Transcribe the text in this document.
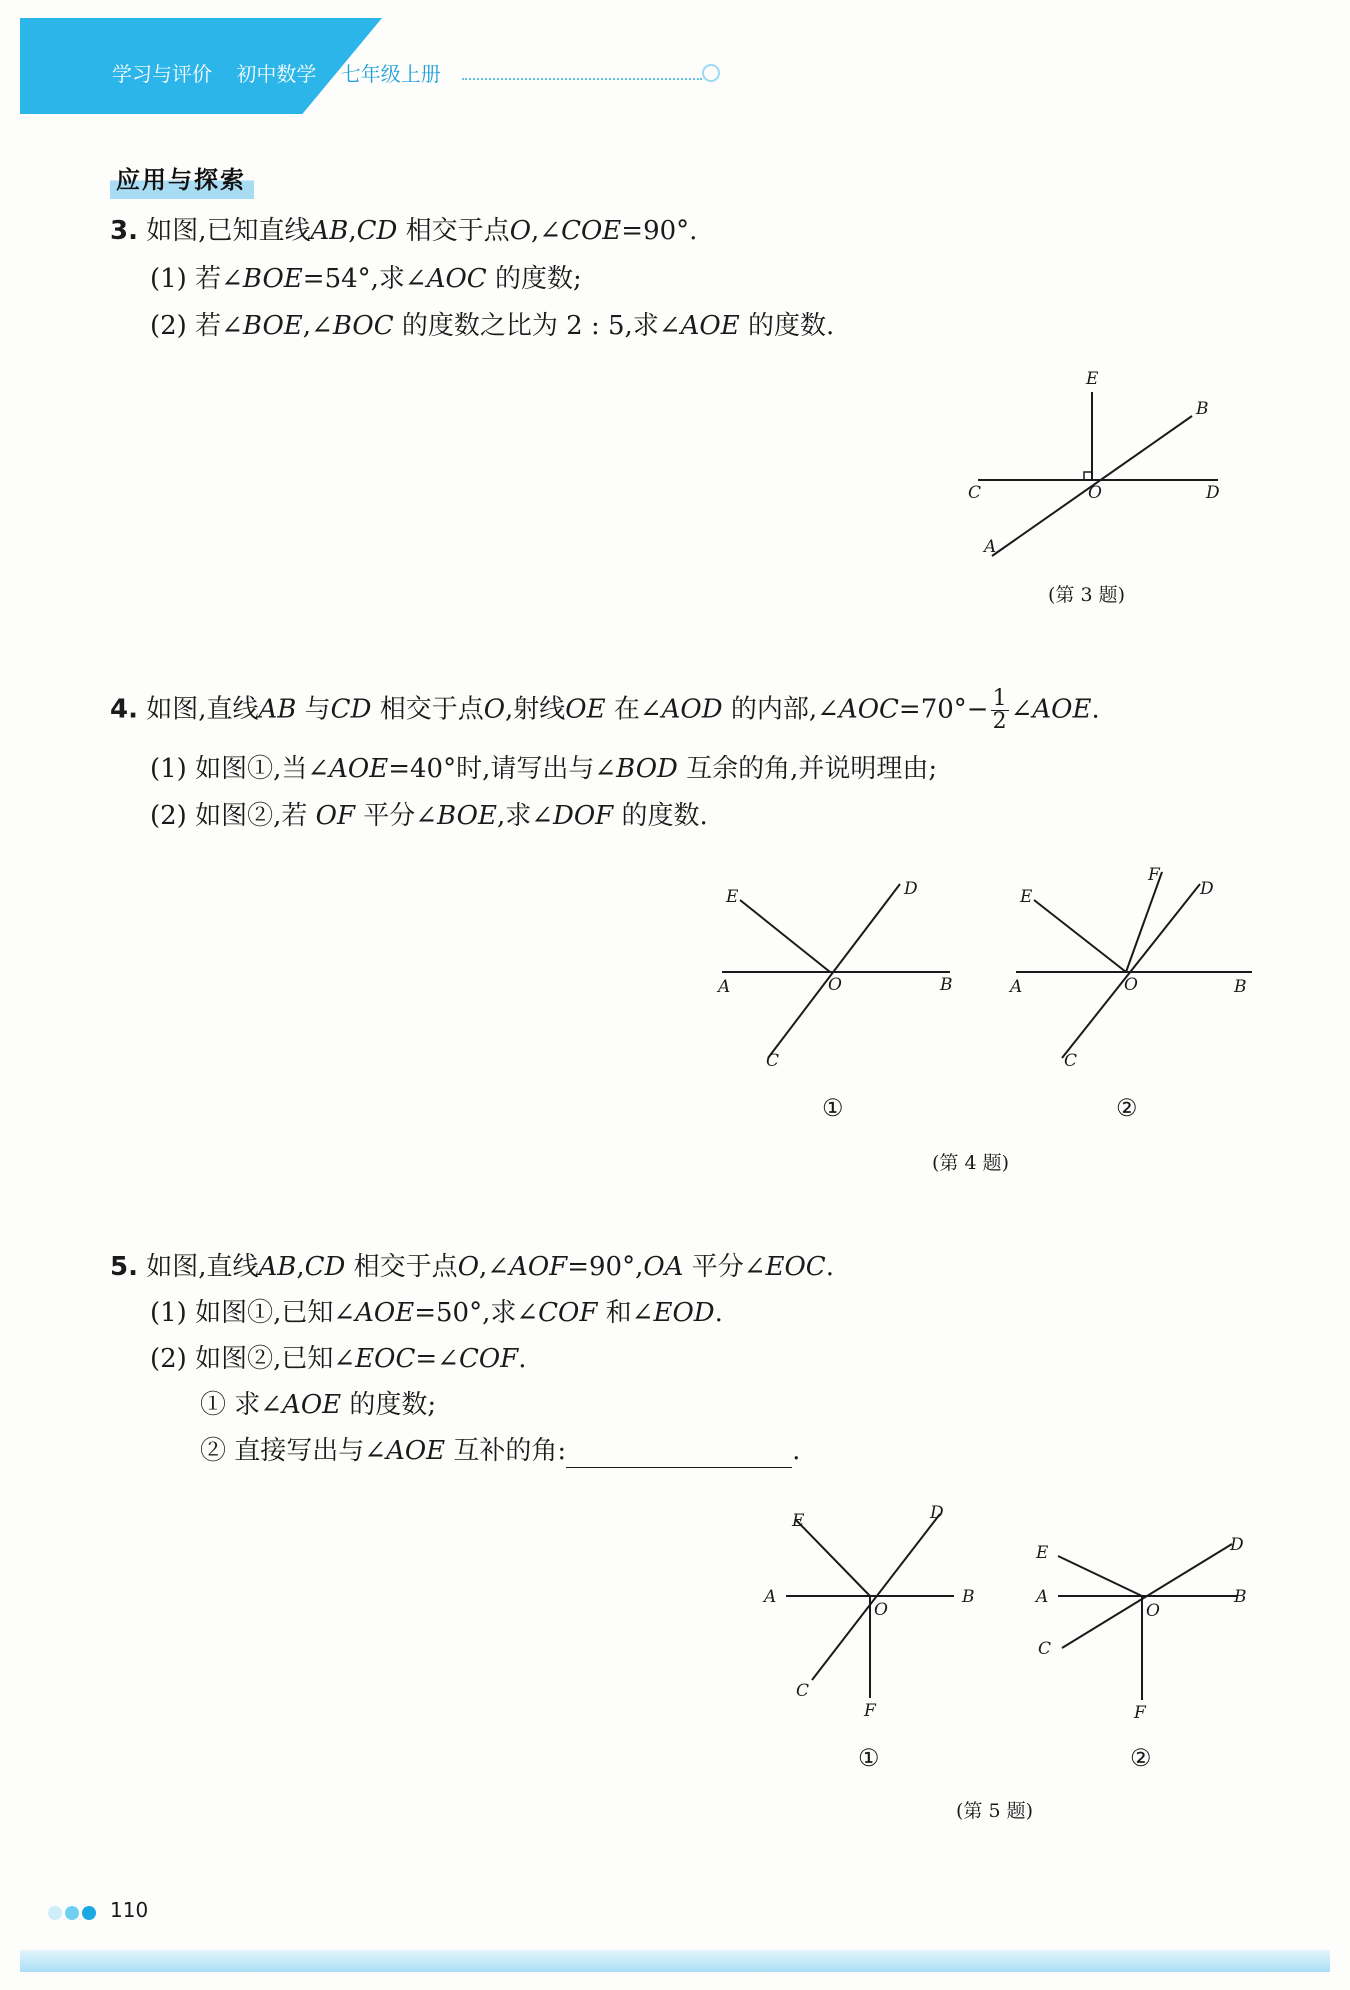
学习与评价 初中数学 七年级上册
应用与探索
3. 如图,已知直线AB,CD 相交于点O,∠COE=90°.
(1) 若∠BOE=54°,求∠AOC 的度数;
(2) 若∠BOE,∠BOC 的度数之比为 2 : 5,求∠AOE 的度数.
E
B
C	O	D
A
(第 3 题)
4. 如图,直线AB 与CD 相交于点O,射线OE 在∠AOD 的内部,∠AOC=70°− $\frac{1}{2}$ ∠AOE.
(1) 如图①,当∠AOE=40°时,请写出与∠BOD 互余的角,并说明理由;
(2) 如图②,若 OF 平分∠BOE,求∠DOF 的度数.
E	D
A	O	B
C
①
E
F
D
A	O	B
C
②
(第 4 题)
5. 如图,直线AB,CD 相交于点O,∠AOF=90°,OA 平分∠EOC.
(1) 如图①,已知∠AOE=50°,求∠COF 和∠EOD.
(2) 如图②,已知∠EOC=∠COF.
① 求∠AOE 的度数;
② 直接写出与∠AOE 互补的角:	.
E	D
A
O
B
C
F
①
E	D
A
O
B
C
F
②
(第 5 题)
110
